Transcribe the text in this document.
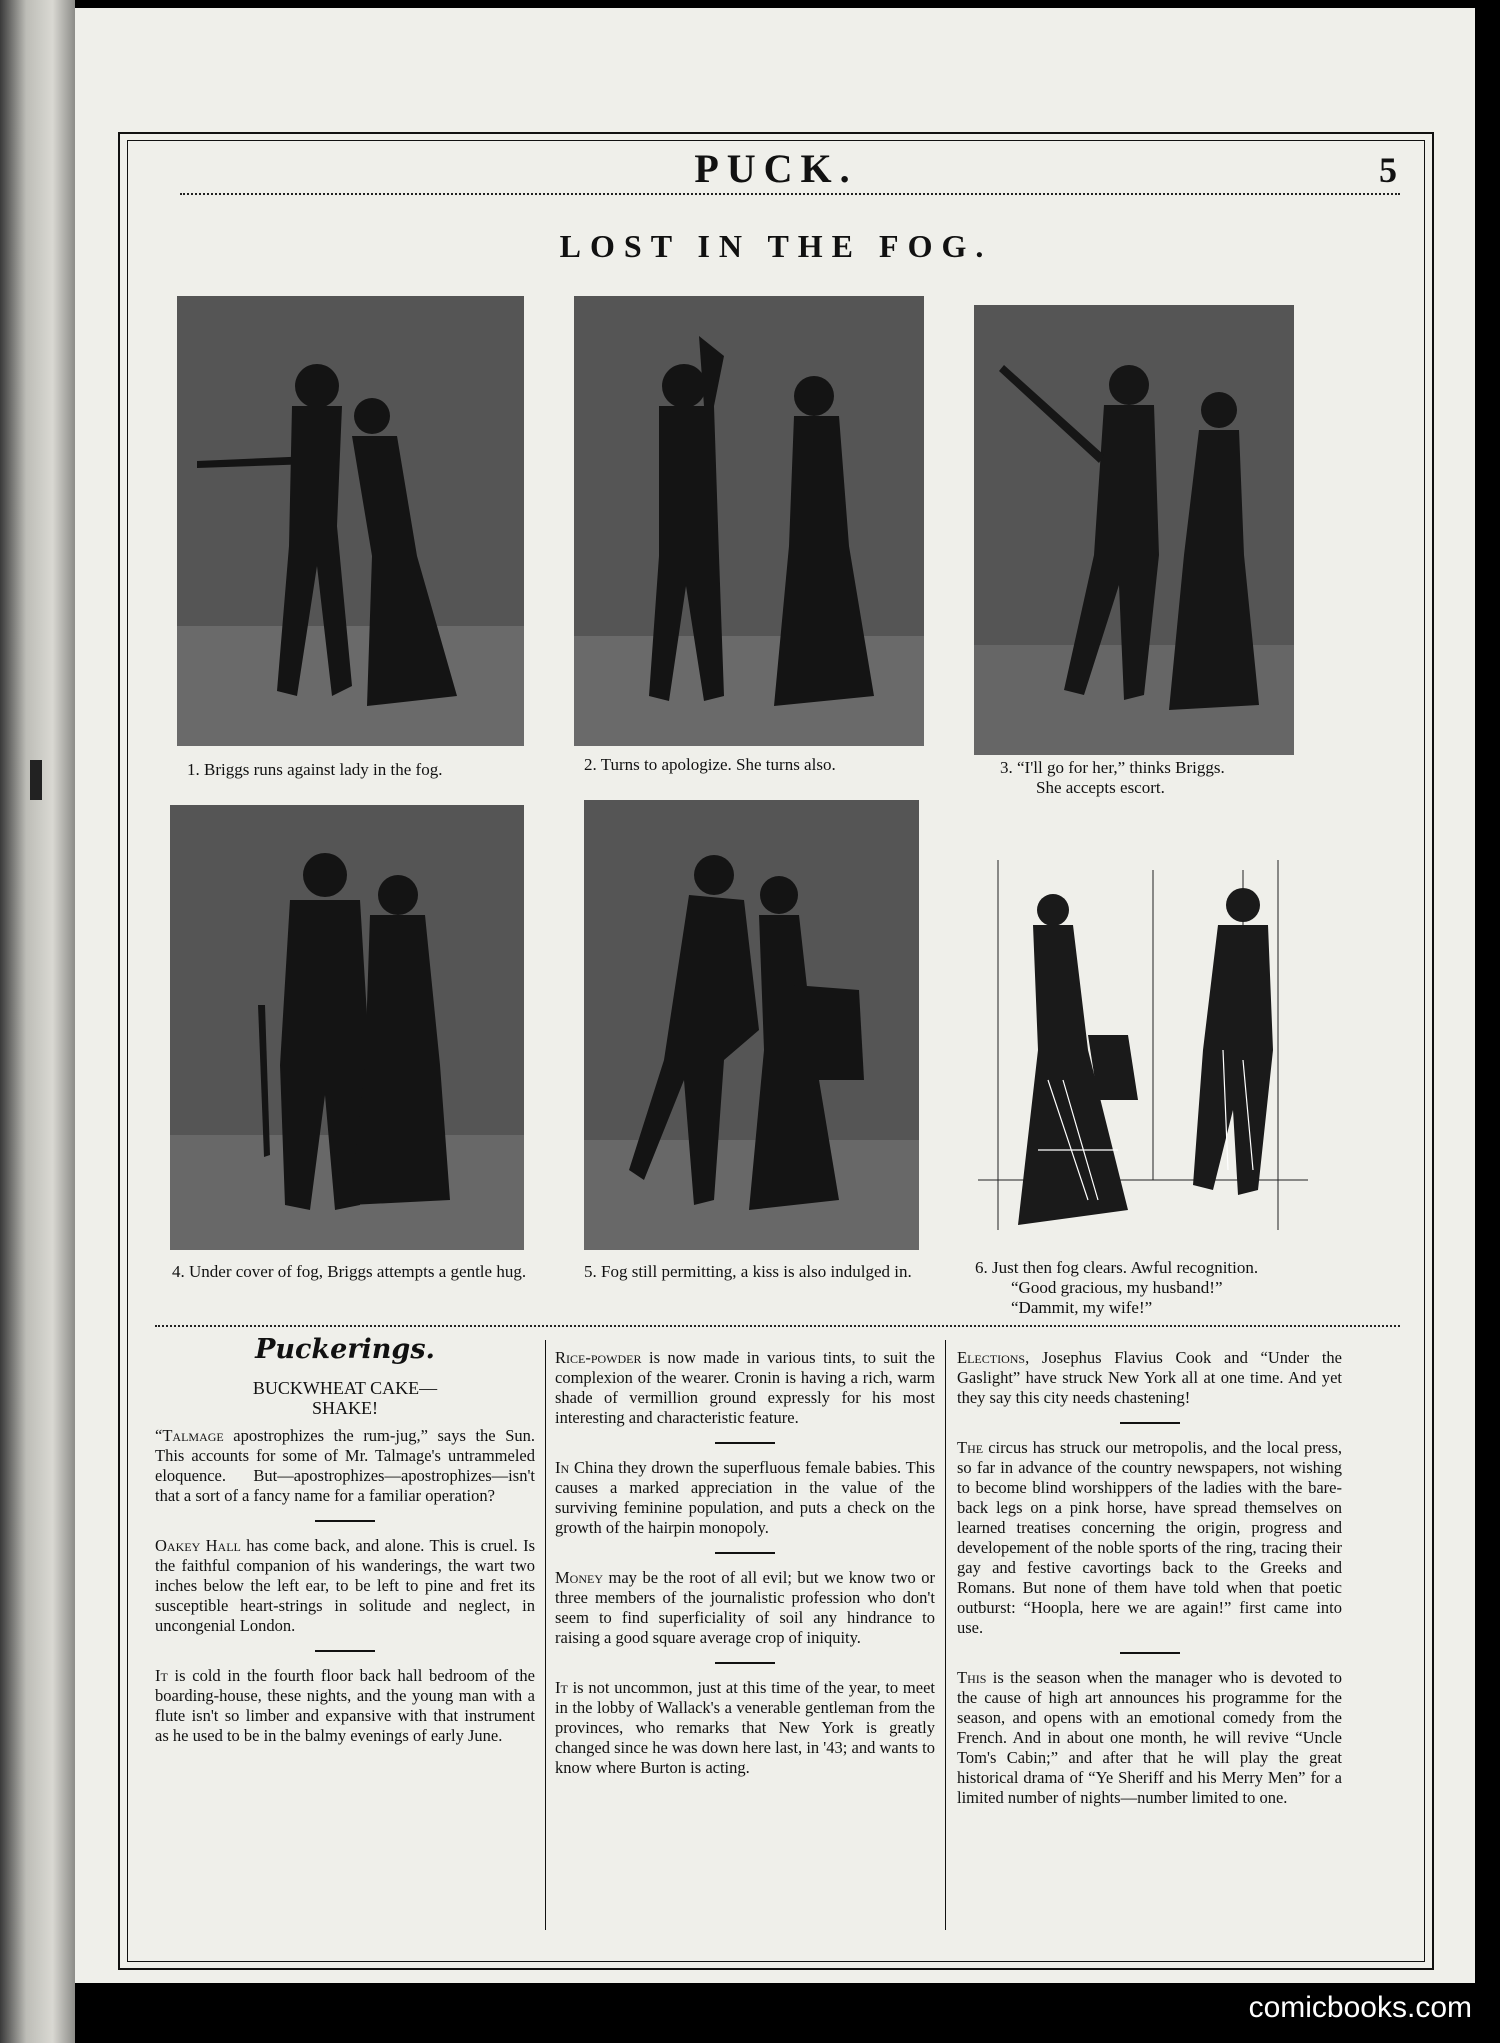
PUCK.	5
LOST IN THE FOG.
1. Briggs runs against lady in the fog.	2. Turns to apologize. She turns also.	3. “I'll go for her,” thinks Briggs.
She accepts escort.
4. Under cover of fog, Briggs attempts a gentle hug.	5. Fog still permitting, a kiss is also indulged in.	6. Just then fog clears. Awful recognition.
“Good gracious, my husband!”
“Dammit, my wife!”
Puckerings.
BUCKWHEAT CAKE—
SHAKE!

“Talmage apostrophizes the rum-jug,” says the Sun. This accounts for some of Mr. Talmage's untrammeled eloquence. But—apostrophizes—apostrophizes—isn't that a sort of a fancy name for a familiar operation?

Oakey Hall has come back, and alone. This is cruel. Is the faithful companion of his wanderings, the wart two inches below the left ear, to be left to pine and fret its susceptible heart-strings in solitude and neglect, in uncongenial London.

It is cold in the fourth floor back hall bedroom of the boarding-house, these nights, and the young man with a flute isn't so limber and expansive with that instrument as he used to be in the balmy evenings of early June.

Rice-powder is now made in various tints, to suit the complexion of the wearer. Cronin is having a rich, warm shade of vermillion ground expressly for his most interesting and characteristic feature.

In China they drown the superfluous female babies. This causes a marked appreciation in the value of the surviving feminine population, and puts a check on the growth of the hairpin monopoly.

Money may be the root of all evil; but we know two or three members of the journalistic profession who don't seem to find superficiality of soil any hindrance to raising a good square average crop of iniquity.

It is not uncommon, just at this time of the year, to meet in the lobby of Wallack's a venerable gentleman from the provinces, who remarks that New York is greatly changed since he was down here last, in '43; and wants to know where Burton is acting.

Elections, Josephus Flavius Cook and “Under the Gaslight” have struck New York all at one time. And yet they say this city needs chastening!

The circus has struck our metropolis, and the local press, so far in advance of the country newspapers, not wishing to become blind worshippers of the ladies with the bare-back legs on a pink horse, have spread themselves on learned treatises concerning the origin, progress and developement of the noble sports of the ring, tracing their gay and festive cavortings back to the Greeks and Romans. But none of them have told when that poetic outburst: “Hoopla, here we are again!” first came into use.

This is the season when the manager who is devoted to the cause of high art announces his programme for the season, and opens with an emotional comedy from the French. And in about one month, he will revive “Uncle Tom's Cabin;” and after that he will play the great historical drama of “Ye Sheriff and his Merry Men” for a limited number of nights—number limited to one.

comicbooks.com
